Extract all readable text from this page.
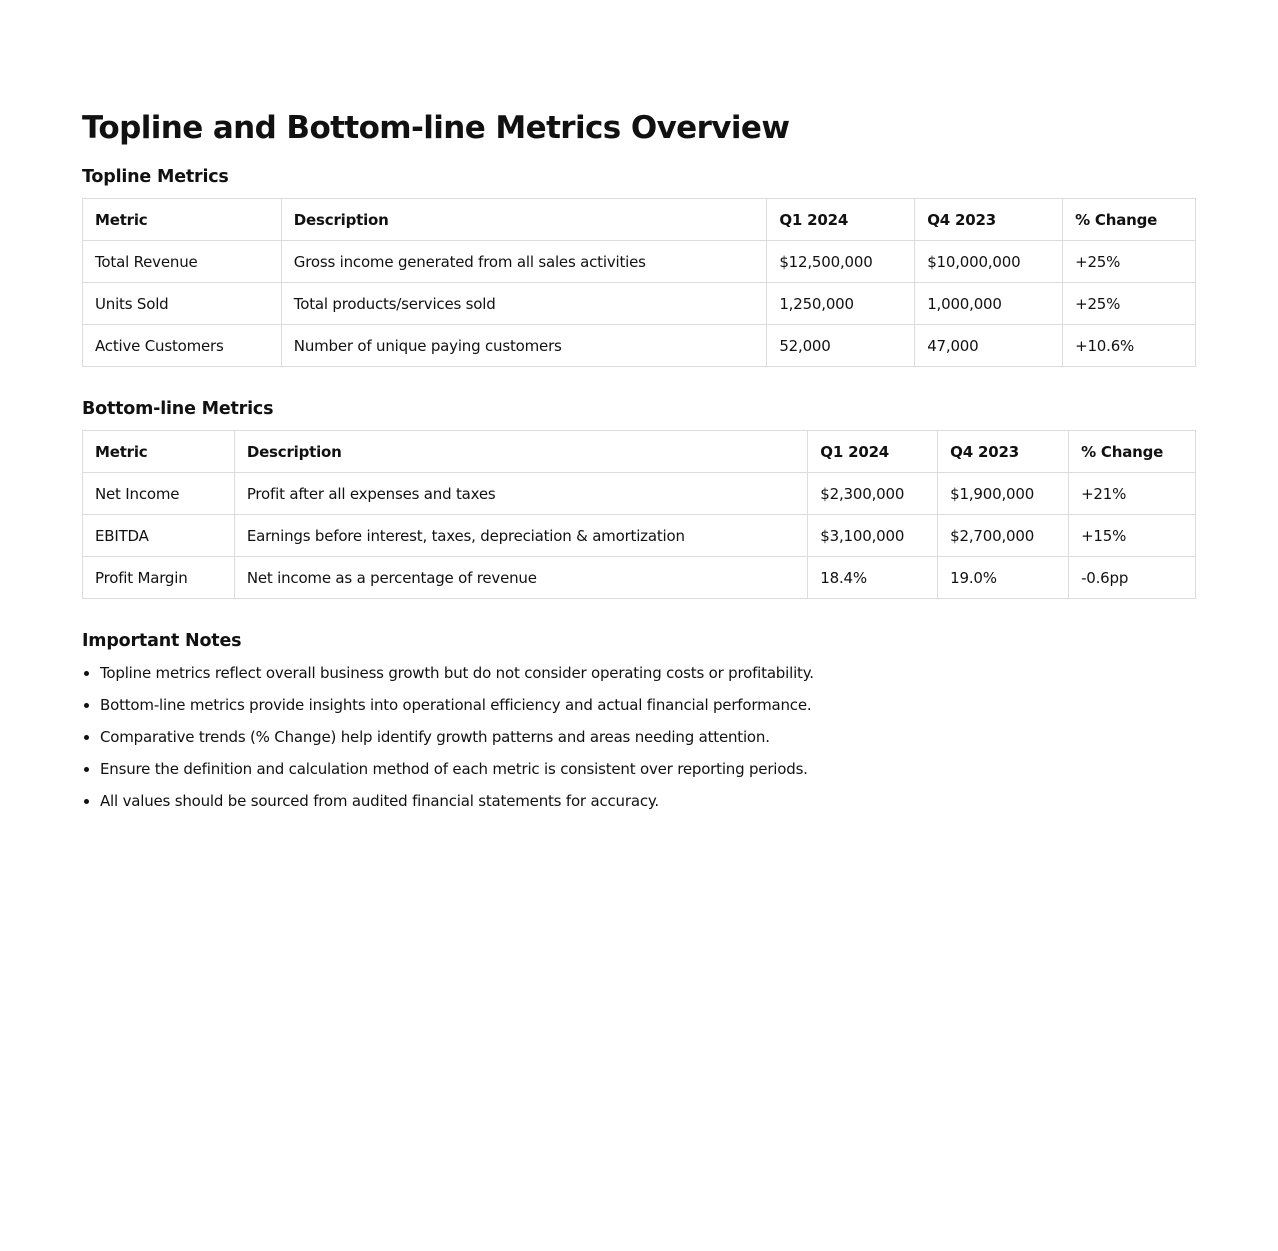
Topline and Bottom-line Metrics Overview
Topline Metrics
Metric	Description	Q1 2024	Q4 2023	% Change
Total Revenue	Gross income generated from all sales activities	$12,500,000	$10,000,000	+25%
Units Sold	Total products/services sold	1,250,000	1,000,000	+25%
Active Customers	Number of unique paying customers	52,000	47,000	+10.6%
Bottom-line Metrics
Metric	Description	Q1 2024	Q4 2023	% Change
Net Income	Profit after all expenses and taxes	$2,300,000	$1,900,000	+21%
EBITDA	Earnings before interest, taxes, depreciation & amortization	$3,100,000	$2,700,000	+15%
Profit Margin	Net income as a percentage of revenue	18.4%	19.0%	-0.6pp
Important Notes
• Topline metrics reflect overall business growth but do not consider operating costs or profitability.
• Bottom-line metrics provide insights into operational efficiency and actual financial performance.
• Comparative trends (% Change) help identify growth patterns and areas needing attention.
• Ensure the definition and calculation method of each metric is consistent over reporting periods.
• All values should be sourced from audited financial statements for accuracy.
